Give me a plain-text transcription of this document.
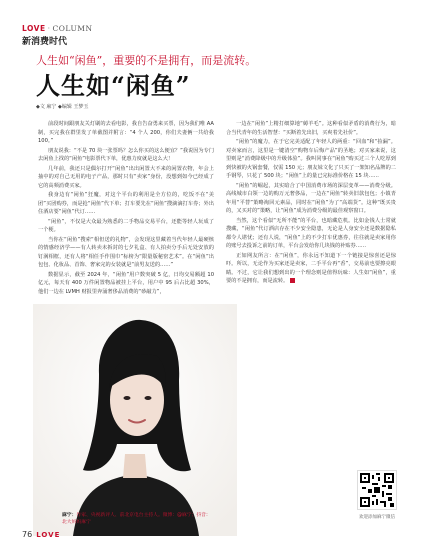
LOVE · COLUMN
新消费时代
人生如“闲鱼”，重要的不是拥有，而是流转。
人生如“闲鱼”
◆文 麻宁 ◆编辑 王梦玉

前段时间跟朋友关灯刷的去看电影，我自告奋勇来买票，因为我们唯 AA 制，买完我在群里发了单截图并附言：“4 个人 200，你们夫妻俩一共给我 100。”

朋友说我：“不是 70 块一张票吗？怎么你买的这么便宜？”我说因为专门去闲鱼上找的“闲鱼”电影票代下单，优惠力度就是这么大！

几年前，我还只是偶尔打开“闲鱼”出出闲置大不来的闲置衣物，年会上抽中的对自己无用的电子产品，那时只有“卖家”身份，没想到如今已经成了它的高频消费买家。

我身边有“闲鱼”狂魔，对这个平台的利用是全方位的，吃饭不在“美团”买团购券，而是抢“闲鱼”代下单；打车要先在“闲鱼”搜滴滴打车券；外出住酒店要“闲鱼”代订……

“闲鱼”，不仅是大众最为熟悉的二手物品交易平台，还能等轻人玩成了一个梗。

当你在“闲鱼”搜索“相但送的礼物”，会发现这里藏着当代年轻人最硬核的情感经济学——有人转卖未拆封的七夕礼盒、有人拍卖分手后无处安放的钉满相框，还有人将“相任手作围巾”标榜为“限量版秘密艺术”。在“闲鱼”出包包、化妆品、首饰、奢家完的女装就是“前男友送的……”

数据显示，截至 2024 年，“闲鱼”用户数突破 5 亿，日均交易额超 10 亿元，每天有 400 万件闲置物品被挂上平台，用户中 95 后占比超 30%，他们一边在 LVMH 财报里奔涌奢侈品消费的“砂敲力”，

一边在“闲鱼”上精打细算地“薅羊毛”。这种看似矛盾的消费行为，暗合当代青年的生活智慧：“买断着先出旧，买爽着先社价”。

“闲鱼”的魔力，在于它完美适配了年轻人的两重：“回血”和“捡漏”。对卖家而言，这里是一键清空“购物车后悔产品”的圣地；对买家来说，这里则是“消费降级中的升级体验”。我叫同事在“闲鱼”购买过三个人吃厚到到快被的火锅套餐，仅需 150 元；朋友妹文化了只买了一架知名品牌的二手钢琴，只花了 500 块；“闲鱼”上的量已完标准价格在 15 块……

“闲鱼”的崛起，其实暗合了中国消费市场的深层变革——消费分级。高线城市白领一边的购万元奢侈品，一边在“闲鱼”转卖旧款包包；小镇青年用“平替”策略淘回元素品，同时在“闲鱼”为了“高端货”。这种“既买贵的，又买对的”策略，让“闲鱼”成为消费分级的最佳观察窗口。

当然，这个看似“无所不能”的平台，也暗藏危机。比如金钱人士常就搜藏，“闲鱼”代订酒店存在不少安全隐患，无论是人身安全还是数据隐私都令人堪忧；还有人说，“闲鱼”上的不少打车优惠券，往往就是卖家用你的账号去投诉之前的订单，平台会发给你几块钱的补贴券……

正如网友所言：在“闲鱼”，你永远不知道下一个链接是惊喜还是惊吓。所以，无论作为买家还是卖家，二手平台再“香”，交易前也要擦亮眼睛。不过，它让我们想到出的一个理念则是值得玩味：人生如“闲鱼”，重要的不是拥有，而是流转。

麻宁：作家、央视新评人、前北京电台主持人。微博：@麻宁；抖音：北大妈妈麻宁
欢迎添加麻宁微信
76 LOVE
